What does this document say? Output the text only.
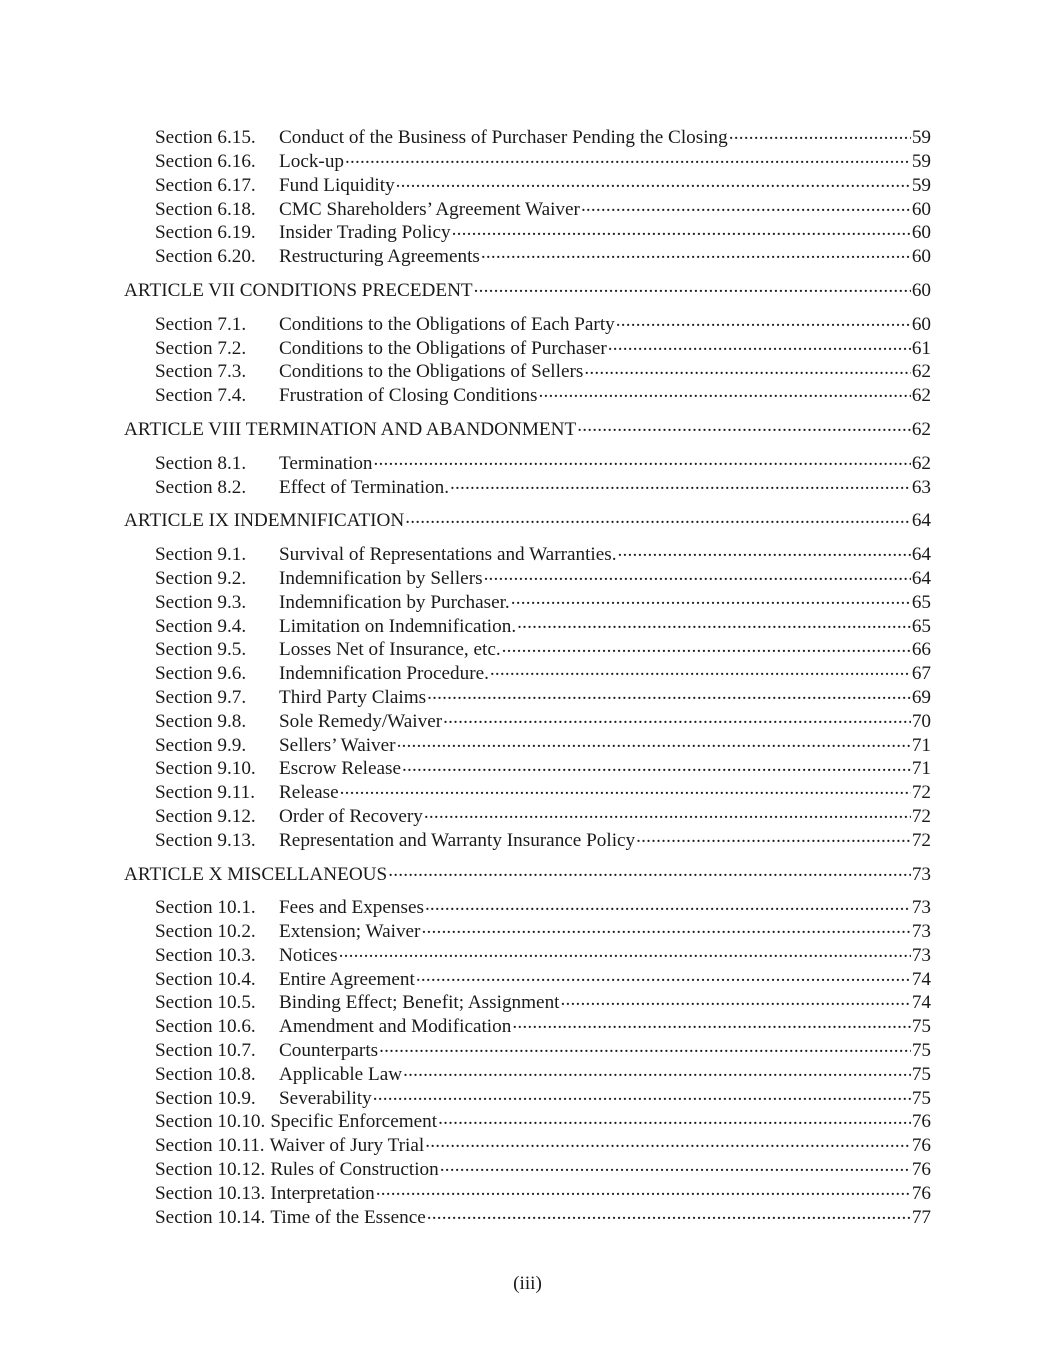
Section 6.15.	Conduct of the Business of Purchaser Pending the Closing .....	59
Section 6.16.	Lock-up .....	59
Section 6.17.	Fund Liquidity .....	59
Section 6.18.	CMC Shareholders’ Agreement Waiver .....	60
Section 6.19.	Insider Trading Policy .....	60
Section 6.20.	Restructuring Agreements .....	60
ARTICLE VII CONDITIONS PRECEDENT .....	60
Section 7.1.	Conditions to the Obligations of Each Party .....	60
Section 7.2.	Conditions to the Obligations of Purchaser .....	61
Section 7.3.	Conditions to the Obligations of Sellers .....	62
Section 7.4.	Frustration of Closing Conditions .....	62
ARTICLE VIII TERMINATION AND ABANDONMENT .....	62
Section 8.1.	Termination .....	62
Section 8.2.	Effect of Termination. .....	63
ARTICLE IX INDEMNIFICATION .....	64
Section 9.1.	Survival of Representations and Warranties. .....	64
Section 9.2.	Indemnification by Sellers .....	64
Section 9.3.	Indemnification by Purchaser. .....	65
Section 9.4.	Limitation on Indemnification. .....	65
Section 9.5.	Losses Net of Insurance, etc. .....	66
Section 9.6.	Indemnification Procedure. .....	67
Section 9.7.	Third Party Claims .....	69
Section 9.8.	Sole Remedy/Waiver .....	70
Section 9.9.	Sellers’ Waiver .....	71
Section 9.10.	Escrow Release .....	71
Section 9.11.	Release .....	72
Section 9.12.	Order of Recovery .....	72
Section 9.13.	Representation and Warranty Insurance Policy .....	72
ARTICLE X MISCELLANEOUS .....	73
Section 10.1.	Fees and Expenses .....	73
Section 10.2.	Extension; Waiver .....	73
Section 10.3.	Notices .....	73
Section 10.4.	Entire Agreement .....	74
Section 10.5.	Binding Effect; Benefit; Assignment .....	74
Section 10.6.	Amendment and Modification .....	75
Section 10.7.	Counterparts .....	75
Section 10.8.	Applicable Law .....	75
Section 10.9.	Severability .....	75
Section 10.10. Specific Enforcement .....	76
Section 10.11. Waiver of Jury Trial .....	76
Section 10.12. Rules of Construction .....	76
Section 10.13. Interpretation .....	76
Section 10.14. Time of the Essence .....	77
(iii)
